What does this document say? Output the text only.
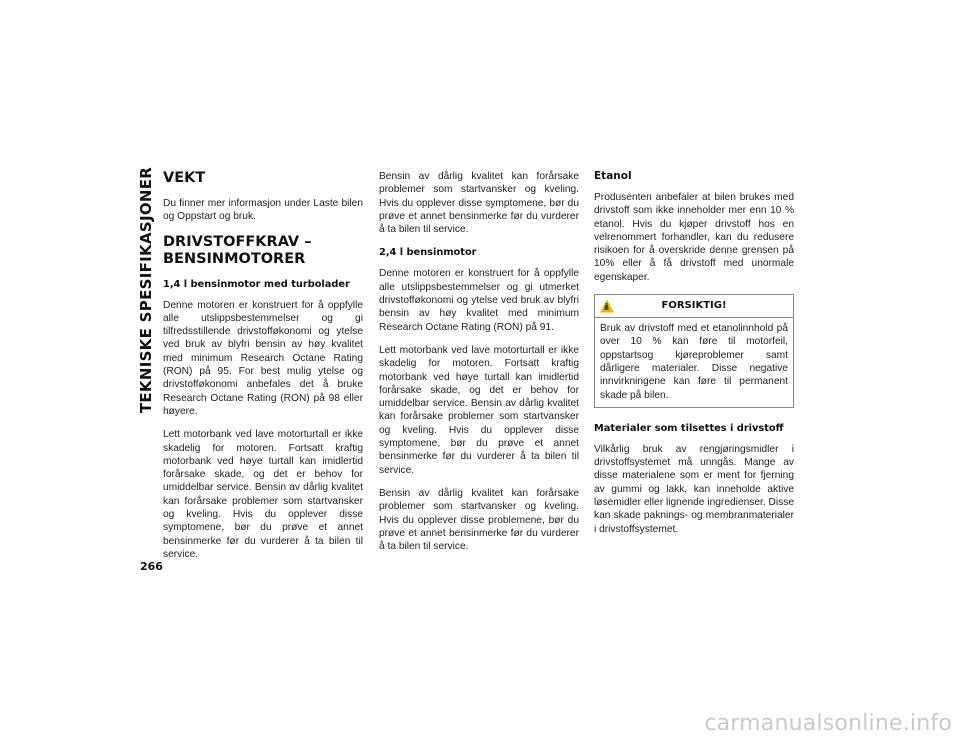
TEKNISKE SPESIFIKASJONER
266
VEKT

Du finner mer informasjon under Laste bilen og Oppstart og bruk.

DRIVSTOFFKRAV – BENSINMOTORER
1,4 l bensinmotor med turbolader

Denne motoren er konstruert for å oppfylle alle utslippsbestemmelser og gi tilfredsstillende drivstofføkonomi og ytelse ved bruk av blyfri bensin av høy kvalitet med minimum Research Octane Rating (RON) på 95. For best mulig ytelse og drivstofføkonomi anbefales det å bruke Research Octane Rating (RON) på 98 eller høyere.

Lett motorbank ved lave motorturtall er ikke skadelig for motoren. Fortsatt kraftig motorbank ved høye turtall kan imidlertid forårsake skade, og det er behov for umiddelbar service. Bensin av dårlig kvalitet kan forårsake problemer som startvansker og kveling. Hvis du opplever disse symptomene, bør du prøve et annet bensinmerke før du vurderer å ta bilen til service.

Bensin av dårlig kvalitet kan forårsake problemer som startvansker og kveling. Hvis du opplever disse symptomene, bør du prøve et annet bensinmerke før du vurderer å ta bilen til service.

2,4 l bensinmotor

Denne motoren er konstruert for å oppfylle alle utslippsbestemmelser og gi utmerket drivstofføkonomi og ytelse ved bruk av blyfri bensin av høy kvalitet med minimum Research Octane Rating (RON) på 91.

Lett motorbank ved lave motorturtall er ikke skadelig for motoren. Fortsatt kraftig motorbank ved høye turtall kan imidlertid forårsake skade, og det er behov for umiddelbar service. Bensin av dårlig kvalitet kan forårsake problemer som startvansker og kveling. Hvis du opplever disse symptomene, bør du prøve et annet bensinmerke før du vurderer å ta bilen til service.

Bensin av dårlig kvalitet kan forårsake problemer som startvansker og kveling. Hvis du opplever disse problemene, bør du prøve et annet bensinmerke før du vurderer å ta bilen til service.

Etanol

Produsenten anbefaler at bilen brukes med drivstoff som ikke inneholder mer enn 10 % etanol. Hvis du kjøper drivstoff hos en velrenommert forhandler, kan du redusere risikoen for å overskride denne grensen på 10% eller å få drivstoff med unormale egenskaper.

FORSIKTIG!
Bruk av drivstoff med et etanolinnhold på over 10 % kan føre til motorfeil, oppstartsog kjøreproblemer samt dårligere materialer. Disse negative innvirkningene kan føre til permanent skade på bilen.
Materialer som tilsettes i drivstoff

Vilkårlig bruk av rengjøringsmidler i drivstoffsystemet må unngås. Mange av disse materialene som er ment for fjerning av gummi og lakk, kan inneholde aktive løsemidler eller lignende ingredienser. Disse kan skade paknings- og membranmaterialer i drivstoffsystemet.

carmanualsonline.info
